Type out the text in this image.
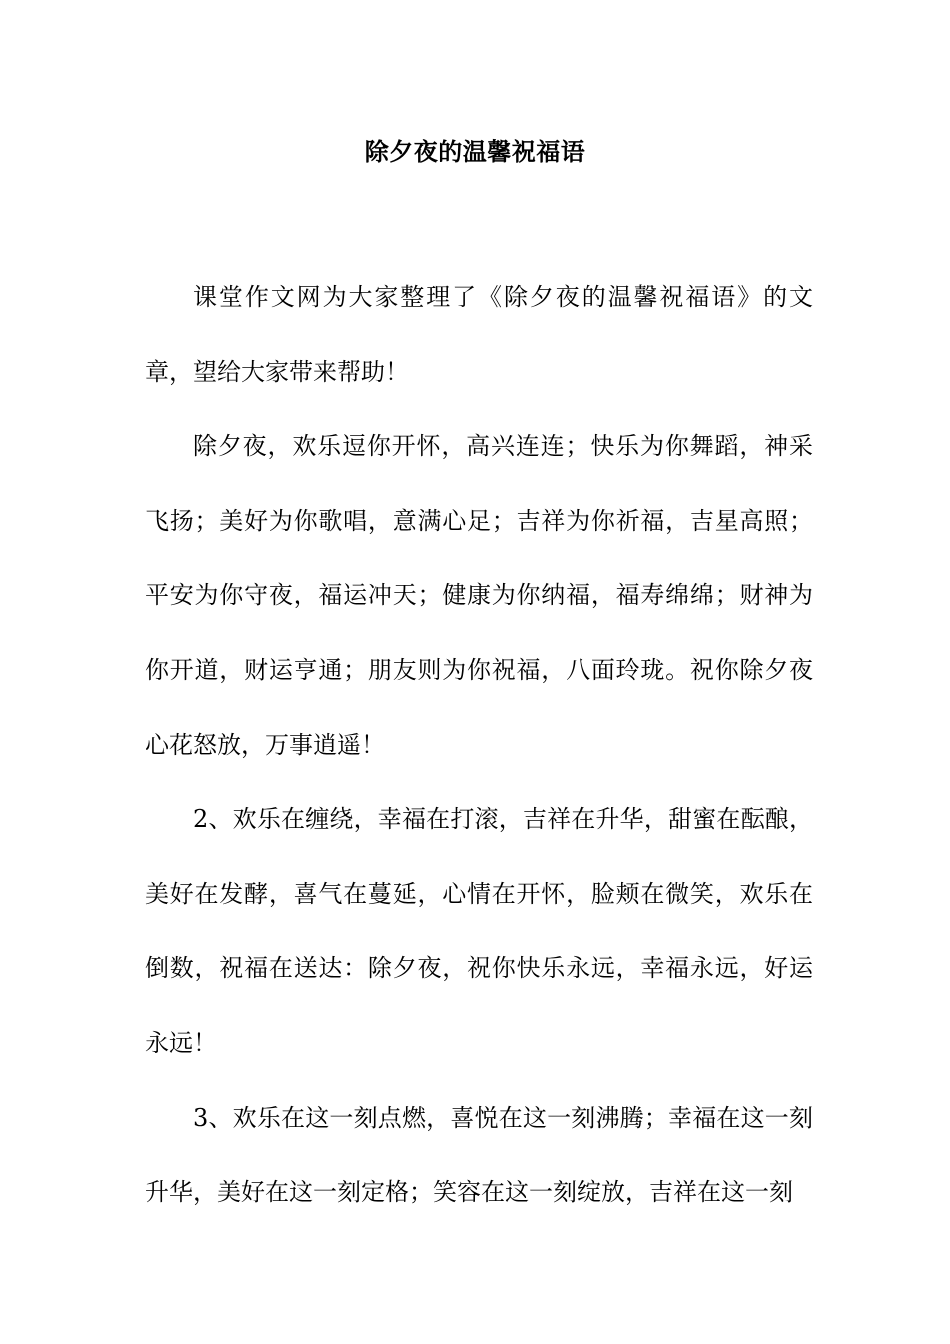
除夕夜的温馨祝福语

课堂作文网为大家整理了《除夕夜的温馨祝福语》的文章，望给大家带来帮助！

除夕夜，欢乐逗你开怀，高兴连连；快乐为你舞蹈，神采飞扬；美好为你歌唱，意满心足；吉祥为你祈福，吉星高照；平安为你守夜，福运冲天；健康为你纳福，福寿绵绵；财神为你开道，财运亨通；朋友则为你祝福，八面玲珑。祝你除夕夜心花怒放，万事逍遥！

2、欢乐在缠绕，幸福在打滚，吉祥在升华，甜蜜在酝酿，美好在发酵，喜气在蔓延，心情在开怀，脸颊在微笑，欢乐在倒数，祝福在送达：除夕夜，祝你快乐永远，幸福永远，好运永远！

3、欢乐在这一刻点燃，喜悦在这一刻沸腾；幸福在这一刻升华，美好在这一刻定格；笑容在这一刻绽放，吉祥在这一刻
